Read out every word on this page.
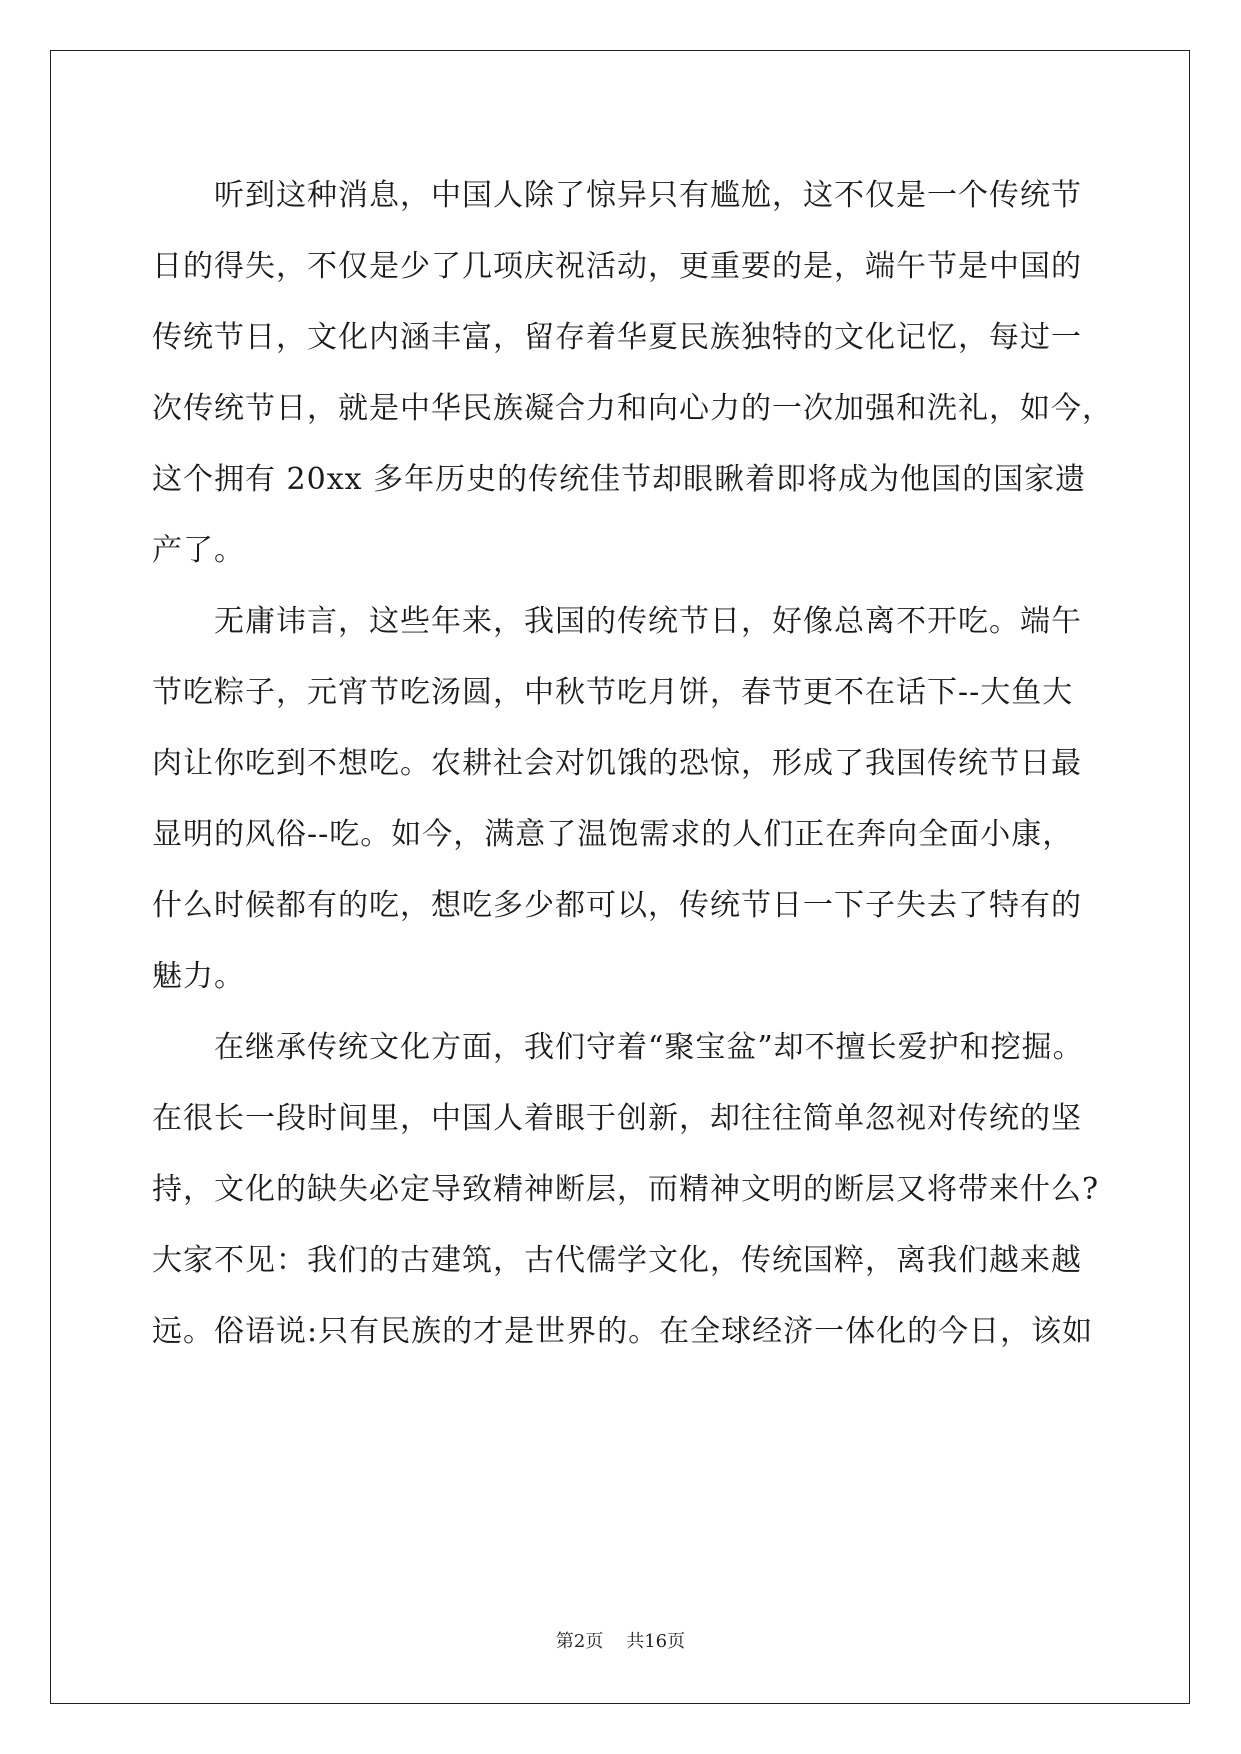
听到这种消息，中国人除了惊异只有尴尬，这不仅是一个传统节
日的得失，不仅是少了几项庆祝活动，更重要的是，端午节是中国的
传统节日，文化内涵丰富，留存着华夏民族独特的文化记忆，每过一
次传统节日，就是中华民族凝合力和向心力的一次加强和洗礼，如今，
这个拥有 20xx 多年历史的传统佳节却眼瞅着即将成为他国的国家遗
产了。
无庸讳言，这些年来，我国的传统节日，好像总离不开吃。端午
节吃粽子，元宵节吃汤圆，中秋节吃月饼，春节更不在话下--大鱼大
肉让你吃到不想吃。农耕社会对饥饿的恐惊，形成了我国传统节日最
显明的风俗--吃。如今，满意了温饱需求的人们正在奔向全面小康，
什么时候都有的吃，想吃多少都可以，传统节日一下子失去了特有的
魅力。
在继承传统文化方面，我们守着“聚宝盆”却不擅长爱护和挖掘。
在很长一段时间里，中国人着眼于创新，却往往简单忽视对传统的坚
持，文化的缺失必定导致精神断层，而精神文明的断层又将带来什么?
大家不见：我们的古建筑，古代儒学文化，传统国粹，离我们越来越
远。俗语说:只有民族的才是世界的。在全球经济一体化的今日，该如
第2页 共16页
